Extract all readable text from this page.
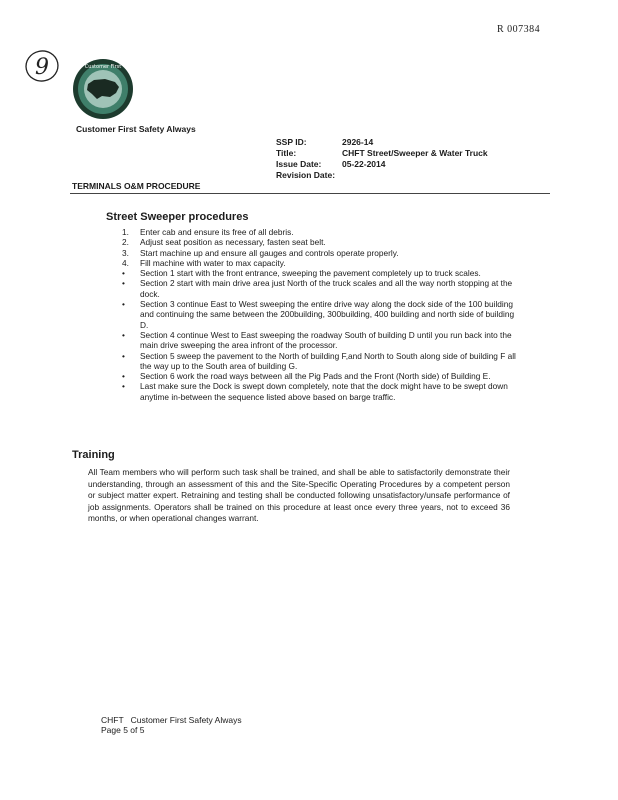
R 007384
9	Customer First
Customer First Safety Always
SSP ID:	2926-14
Title:	CHFT Street/Sweeper & Water Truck
Issue Date:	05-22-2014
Revision Date:
TERMINALS O&M PROCEDURE
Street Sweeper procedures
1.	Enter cab and ensure its free of all debris.
2.	Adjust seat position as necessary, fasten seat belt.
3.	Start machine up and ensure all gauges and controls operate properly.
4.	Fill machine with water to max capacity.
•	Section 1 start with the front entrance, sweeping the pavement completely up to truck scales.
•	Section 2 start with main drive area just North of the truck scales and all the way north stopping at the dock.
•	Section 3 continue East to West sweeping the entire drive way along the dock side of the 100 building and continuing the same between the 200building, 300building, 400 building and north side of building D.
•	Section 4 continue West to East sweeping the roadway South of building D until you run back into the main drive sweeping the area infront of the processor.
•	Section 5 sweep the pavement to the North of building F,and North to South along side of building F all the way up to the South area of building G.
•	Section 6 work the road ways between all the Pig Pads and the Front (North side) of Building E.
•	Last make sure the Dock is swept down completely, note that the dock might have to be swept down anytime in-between the sequence listed above based on barge traffic.
Training
All Team members who will perform such task shall be trained, and shall be able to satisfactorily demonstrate their understanding, through an assessment of this and the Site-Specific Operating Procedures by a competent person or subject matter expert. Retraining and testing shall be conducted following unsatisfactory/unsafe performance of job assignments. Operators shall be trained on this procedure at least once every three years, not to exceed 36 months, or when operational changes warrant.
CHFT   Customer First Safety Always
Page 5 of 5
